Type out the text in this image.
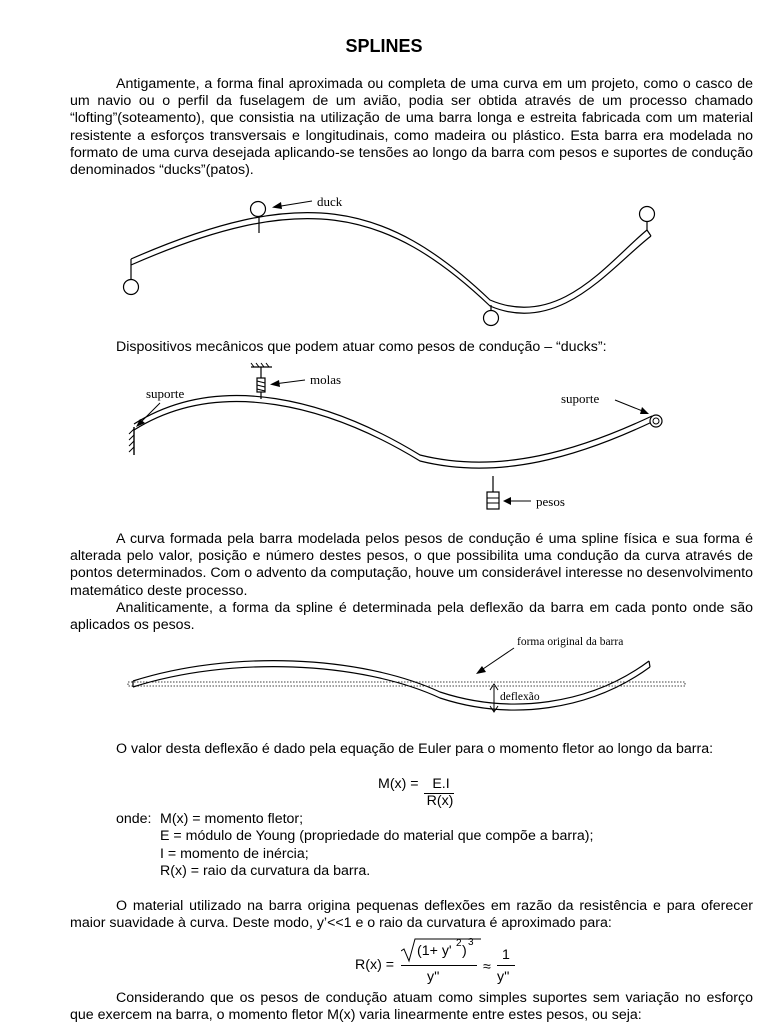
SPLINES

Antigamente, a forma final aproximada ou completa de uma curva em um projeto, como o casco de um navio ou o perfil da fuselagem de um avião, podia ser obtida através de um processo chamado “lofting”(soteamento), que consistia na utilização de uma barra longa e estreita fabricada com um material resistente a esforços transversais e longitudinais, como madeira ou plástico. Esta barra era modelada no formato de uma curva desejada aplicando-se tensões ao longo da barra com pesos e suportes de condução denominados “ducks”(patos).

duck
Dispositivos mecânicos que podem atuar como pesos de condução – “ducks”:
molas
suporte	suporte
pesos

A curva formada pela barra modelada pelos pesos de condução é uma spline física e sua forma é alterada pelo valor, posição e número destes pesos, o que possibilita uma condução da curva através de pontos determinados. Com o advento da computação, houve um considerável interesse no desenvolvimento matemático deste processo.

Analiticamente, a forma da spline é determinada pela deflexão da barra em cada ponto onde são aplicados os pesos.

forma original da barra
deflexão

O valor desta deflexão é dado pela equação de Euler para o momento fletor ao longo da barra:

M(x) = E.I
R(x)
onde: M(x) = momento fletor;
E = módulo de Young (propriedade do material que compõe a barra);
I = momento de inércia;
R(x) = raio da curvatura da barra.

O material utilizado na barra origina pequenas deflexões em razão da resistência e para oferecer maior suavidade à curva. Deste modo, y’<<1 e o raio da curvatura é aproximado para:

R(x) =
(1+ y' 2 )
3
y''
≈
1
y''

Considerando que os pesos de condução atuam como simples suportes sem variação no esforço que exercem na barra, o momento fletor M(x) varia linearmente entre estes pesos, ou seja:
